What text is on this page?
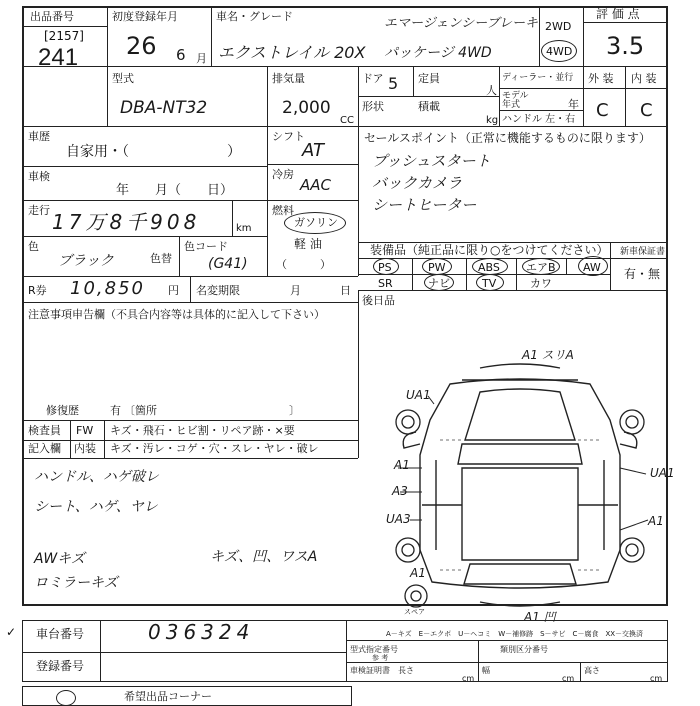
出品番号
[2157]
241
初度登録年月
26 6 月
車名・グレード
エクストレイル 20X
エマージェンシーブレーキ
パッケージ 4WD
2WD
4WD
評 価 点
3.5
型式
DBA-NT32
排気量
2,000
CC
ドア 5 定員
人
形状	積載
kg
ディーラー・並行
モデル年式	年
ハンドル 左・右
外 装 内 装
C C
車歴
自家用・（　　　　　　　）
車検
年　　月（　　日）
走行 17万8千908	km
色
ブラック	色替
色コード
(G41)
シフト
AT
冷房
AAC
燃料
ガソリン
軽 油
（　　　）
セールスポイント（正常に機能するものに限ります）
プッシュスタート
バックカメラ
シートヒーター
装備品（純正品に限り○をつけてください）
PS	PW	ABS エアB AW
SR	ナビ	TV	カワ
新車保証書
有・無
後日品
R券 10,850 円 名変期限	月	日
注意事項申告欄（不具合内容等は具体的に記入して下さい）
修復歴	有 〔箇所　　　　　　　　　　　　〕
検査員
記入欄
FW キズ・飛石・ヒビ割・リペア跡・×要
内装 キズ・汚レ・コゲ・穴・スレ・ヤレ・破レ
ハンドル、ハゲ破レ
シート、ハゲ、ヤレ
AWキズ	キズ、凹、ワスA
ロミラーキズ
A1 スリA
UA1
A1
A3
UA3
UA1
A1
A1
スペア	A1 凹
✓ 車台番号	036324
登録番号
A－キズ　E－エクボ　U－ヘコミ　W－補修跡　S－サビ　C－腐食　XX－交換済
型式指定番号
参 考
類別区分番号
車検証明書 長さ
cm
幅
cm
高さ
cm
希望出品コーナー
